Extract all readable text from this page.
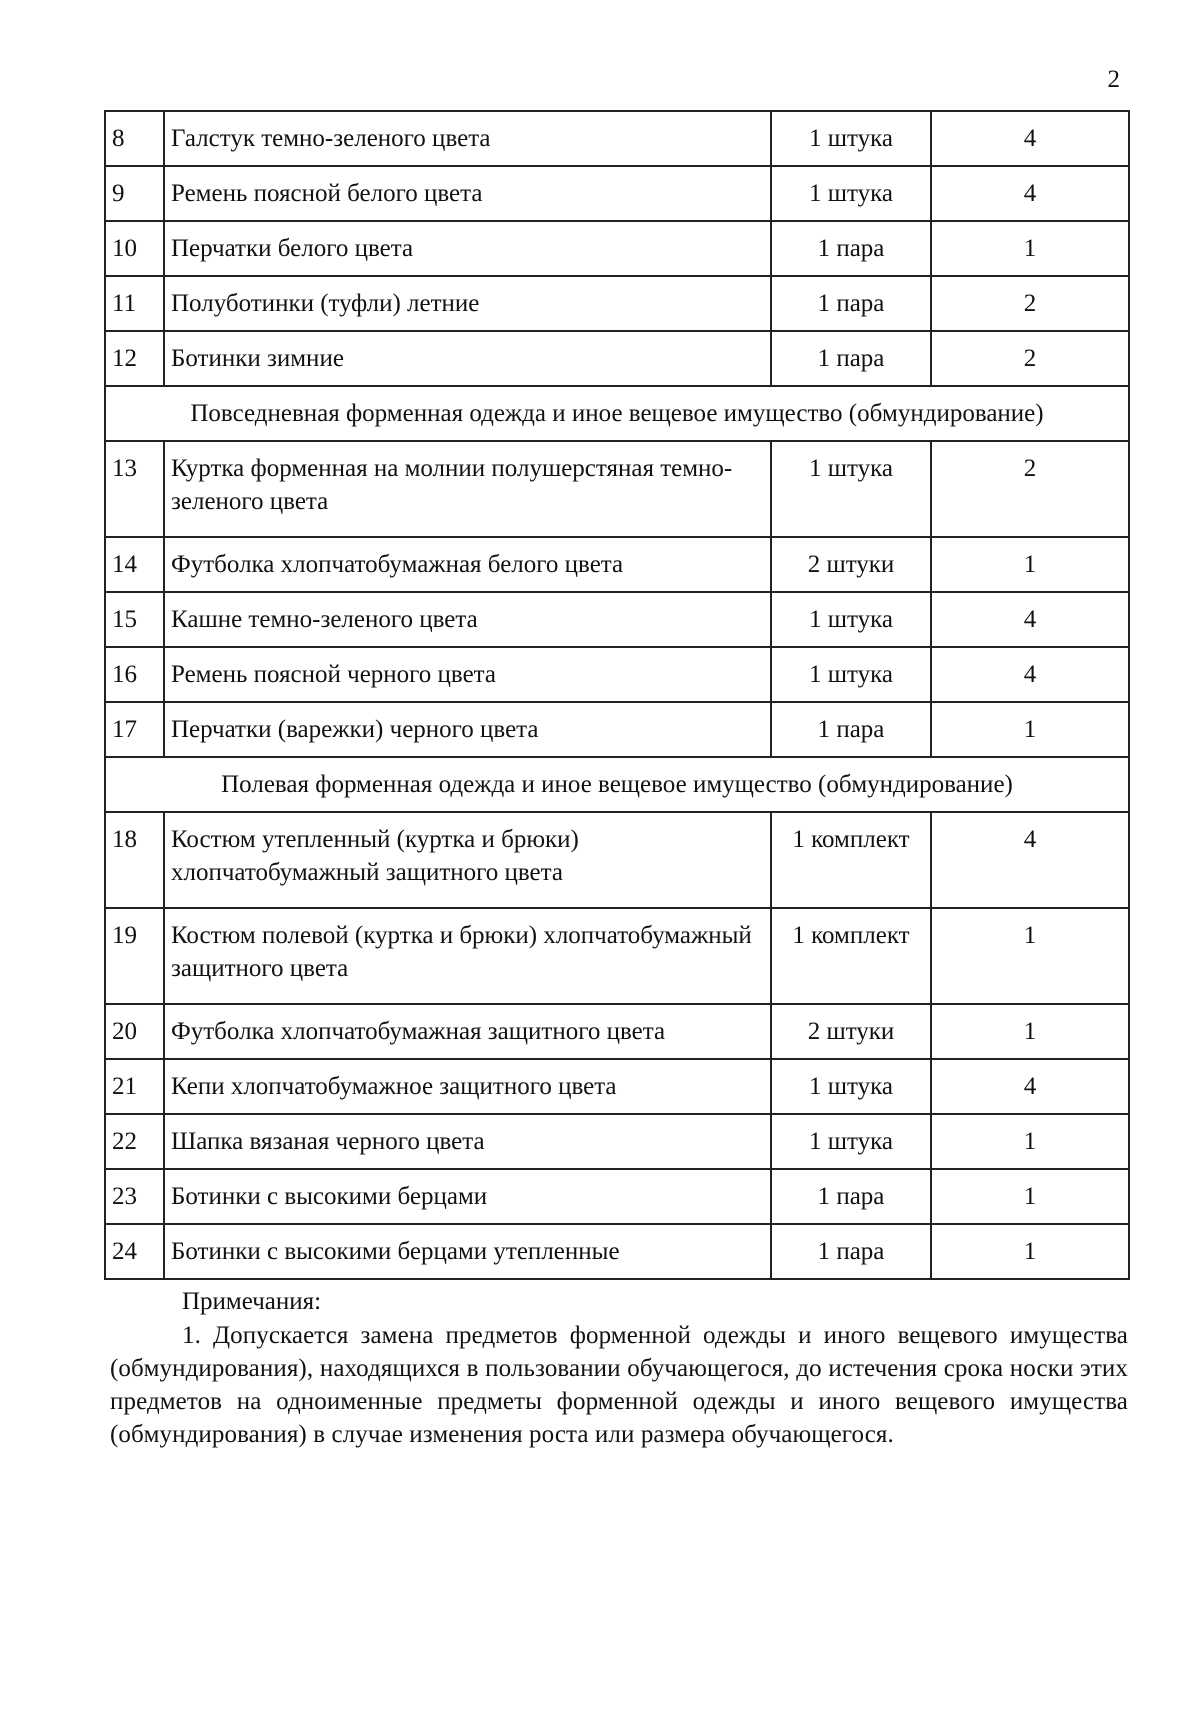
2
8	Галстук темно-зеленого цвета	1 штука	4
9	Ремень поясной белого цвета	1 штука	4
10	Перчатки белого цвета	1 пара	1
11	Полуботинки (туфли) летние	1 пара	2
12	Ботинки зимние	1 пара	2
Повседневная форменная одежда и иное вещевое имущество (обмундирование)			
13	Куртка форменная на молнии полушерстяная темно-зеленого цвета	1 штука	2
14	Футболка хлопчатобумажная белого цвета	2 штуки	1
15	Кашне темно-зеленого цвета	1 штука	4
16	Ремень поясной черного цвета	1 штука	4
17	Перчатки (варежки) черного цвета	1 пара	1
Полевая форменная одежда и иное вещевое имущество (обмундирование)			
18	Костюм утепленный (куртка и брюки) хлопчатобумажный защитного цвета	1 комплект	4
19	Костюм полевой (куртка и брюки) хлопчатобумажный защитного цвета	1 комплект	1
20	Футболка хлопчатобумажная защитного цвета	2 штуки	1
21	Кепи хлопчатобумажное защитного цвета	1 штука	4
22	Шапка вязаная черного цвета	1 штука	1
23	Ботинки с высокими берцами	1 пара	1
24	Ботинки с высокими берцами утепленные	1 пара	1
Примечания:
1. Допускается замена предметов форменной одежды и иного вещевого имущества (обмундирования), находящихся в пользовании обучающегося, до истечения срока носки этих предметов на одноименные предметы форменной одежды и иного вещевого имущества (обмундирования) в случае изменения роста или размера обучающегося.
